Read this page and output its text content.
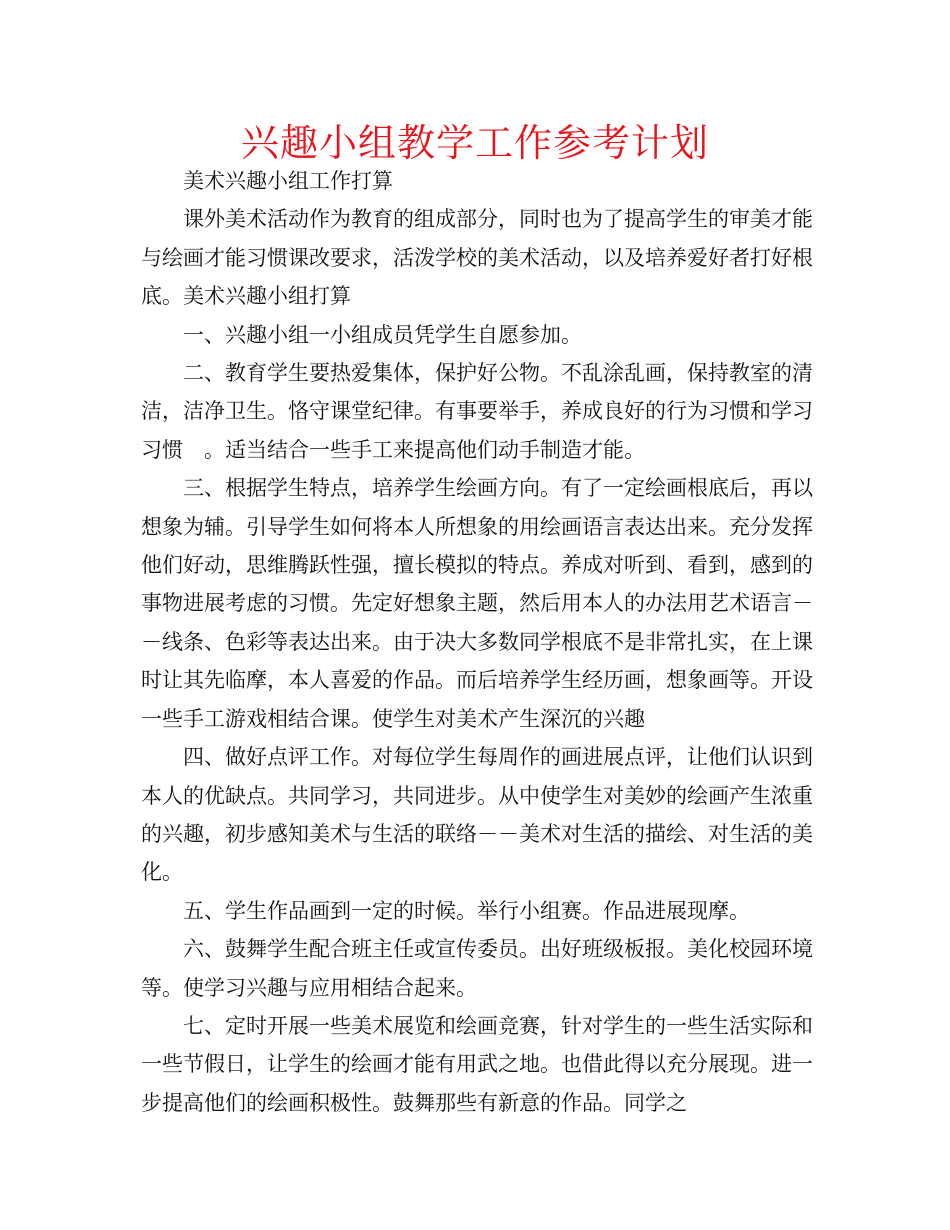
兴趣小组教学工作参考计划

美术兴趣小组工作打算

课外美术活动作为教育的组成部分，同时也为了提高学生的审美才能与绘画才能习惯课改要求，活泼学校的美术活动，以及培养爱好者打好根底。美术兴趣小组打算

一、兴趣小组一小组成员凭学生自愿参加。

二、教育学生要热爱集体，保护好公物。不乱涂乱画，保持教室的清洁，洁净卫生。恪守课堂纪律。有事要举手，养成良好的行为习惯和学习习惯　。适当结合一些手工来提高他们动手制造才能。

三、根据学生特点，培养学生绘画方向。有了一定绘画根底后，再以想象为辅。引导学生如何将本人所想象的用绘画语言表达出来。充分发挥他们好动，思维腾跃性强，擅长模拟的特点。养成对听到、看到，感到的事物进展考虑的习惯。先定好想象主题，然后用本人的办法用艺术语言－－线条、色彩等表达出来。由于决大多数同学根底不是非常扎实，在上课时让其先临摩，本人喜爱的作品。而后培养学生经历画，想象画等。开设一些手工游戏相结合课。使学生对美术产生深沉的兴趣

四、做好点评工作。对每位学生每周作的画进展点评，让他们认识到本人的优缺点。共同学习，共同进步。从中使学生对美妙的绘画产生浓重的兴趣，初步感知美术与生活的联络－－美术对生活的描绘、对生活的美化。

五、学生作品画到一定的时候。举行小组赛。作品进展现摩。

六、鼓舞学生配合班主任或宣传委员。出好班级板报。美化校园环境等。使学习兴趣与应用相结合起来。

七、定时开展一些美术展览和绘画竞赛，针对学生的一些生活实际和一些节假日，让学生的绘画才能有用武之地。也借此得以充分展现。进一步提高他们的绘画积极性。鼓舞那些有新意的作品。同学之
